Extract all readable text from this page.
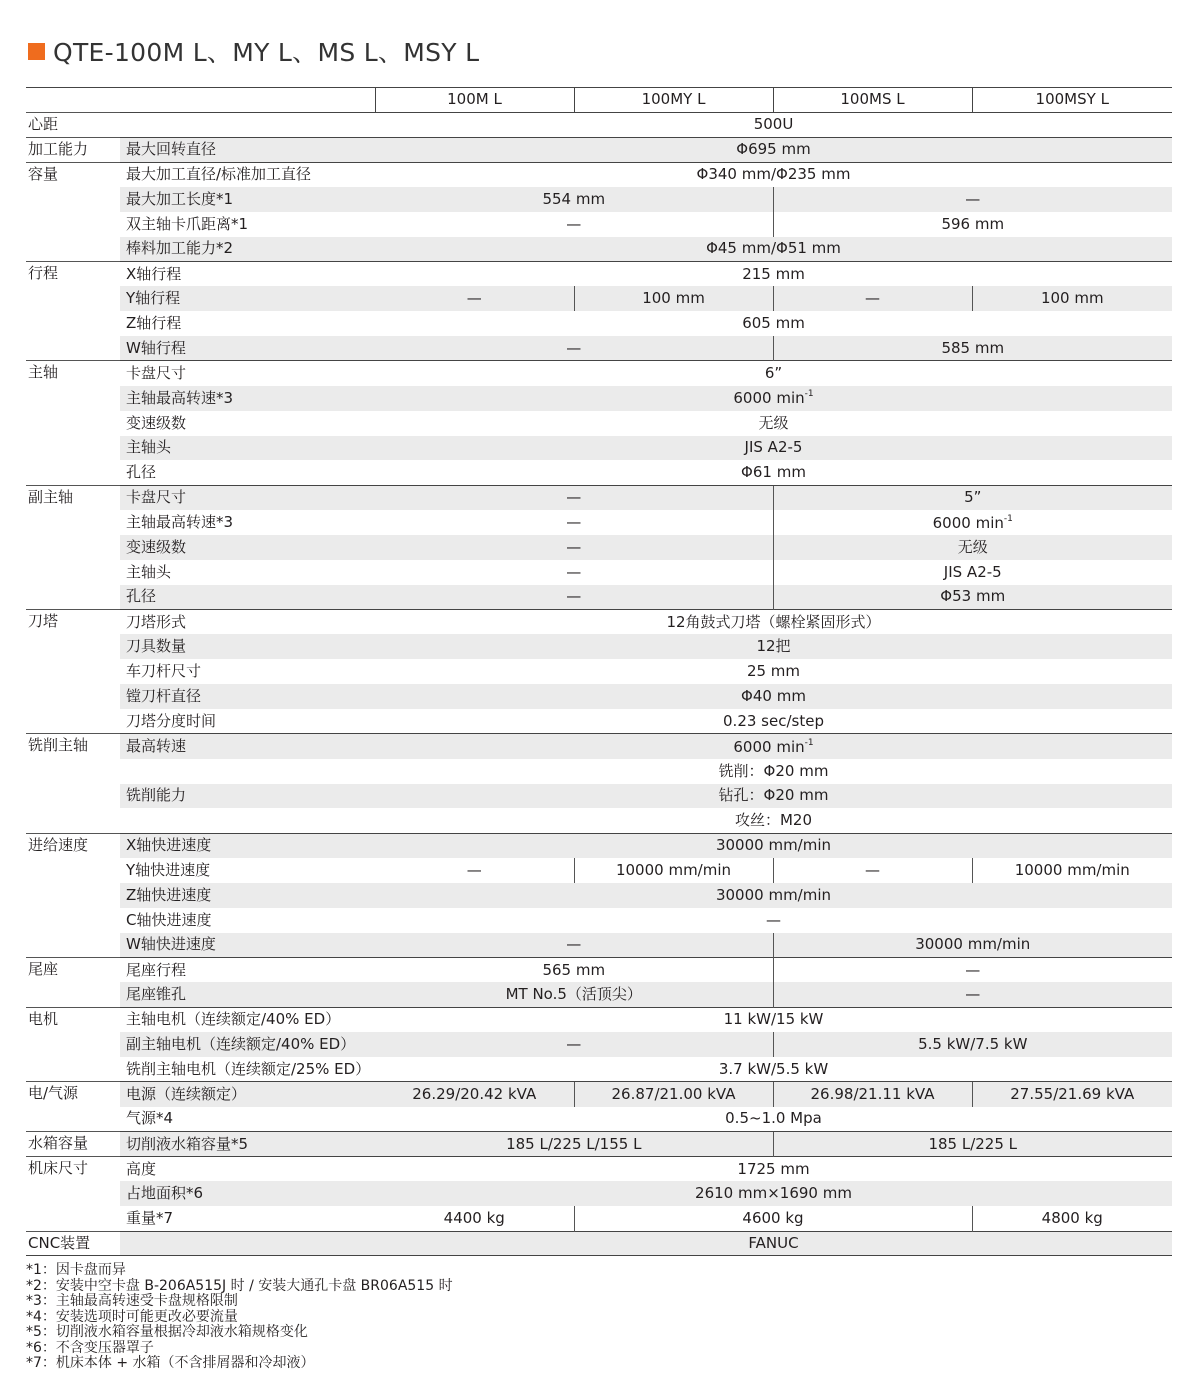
QTE-100M L、MY L、MS L、MSY L
		100M L	100MY L	100MS L	100MSY L
心距		500U			
加工能力	最大回转直径	Φ695 mm			
容量	最大加工直径/标准加工直径	Φ340 mm/Φ235 mm			
	最大加工长度*1	554 mm		—	
	双主轴卡爪距离*1	—		596 mm	
	棒料加工能力*2	Φ45 mm/Φ51 mm			
行程	X轴行程	215 mm			
	Y轴行程	—	100 mm	—	100 mm
	Z轴行程	605 mm			
	W轴行程	—		585 mm	
主轴	卡盘尺寸	6”			
	主轴最高转速*3	6000 $\min^{-1}$
	变速级数	无级			
	主轴头	JIS A2-5			
	孔径	Φ61 mm			
副主轴	卡盘尺寸	—		5”	
	主轴最高转速*3	—		6000 $\min^{-1}$
	变速级数	—		无级	
	主轴头	—		JIS A2-5	
	孔径	—		Φ53 mm	
刀塔	刀塔形式	12角鼓式刀塔（螺栓紧固形式）			
	刀具数量	12把			
	车刀杆尺寸	25 mm			
	镗刀杆直径	Φ40 mm			
	刀塔分度时间	0.23 sec/step			
铣削主轴	最高转速	6000 $\min^{-1}$
		铣削：Φ20 mm			
	铣削能力	钻孔：Φ20 mm			
		攻丝：M20			
进给速度	X轴快进速度	30000 mm/min			
	Y轴快进速度	—	10000 mm/min	—	10000 mm/min
	Z轴快进速度	30000 mm/min			
	C轴快进速度	—			
	W轴快进速度	—		30000 mm/min	
尾座	尾座行程	565 mm		—	
	尾座锥孔	MT No.5（活顶尖）		—	
电机	主轴电机（连续额定/40% ED）	11 kW/15 kW			
	副主轴电机（连续额定/40% ED）	—		5.5 kW/7.5 kW	
	铣削主轴电机（连续额定/25% ED）	3.7 kW/5.5 kW			
电/气源	电源（连续额定）	26.29/20.42 kVA	26.87/21.00 kVA	26.98/21.11 kVA	27.55/21.69 kVA
	气源*4	0.5~1.0 Mpa			
水箱容量	切削液水箱容量*5	185 L/225 L/155 L		185 L/225 L	
机床尺寸	高度	1725 mm			
	占地面积*6	2610 mm×1690 mm			
	重量*7	4400 kg	4600 kg		4800 kg
CNC装置		FANUC			
*1：因卡盘而异
*2：安装中空卡盘 B-206A515J 时 / 安装大通孔卡盘 BR06A515 时
*3：主轴最高转速受卡盘规格限制
*4：安装选项时可能更改必要流量
*5：切削液水箱容量根据冷却液水箱规格变化
*6：不含变压器罩子
*7：机床本体 + 水箱（不含排屑器和冷却液）
